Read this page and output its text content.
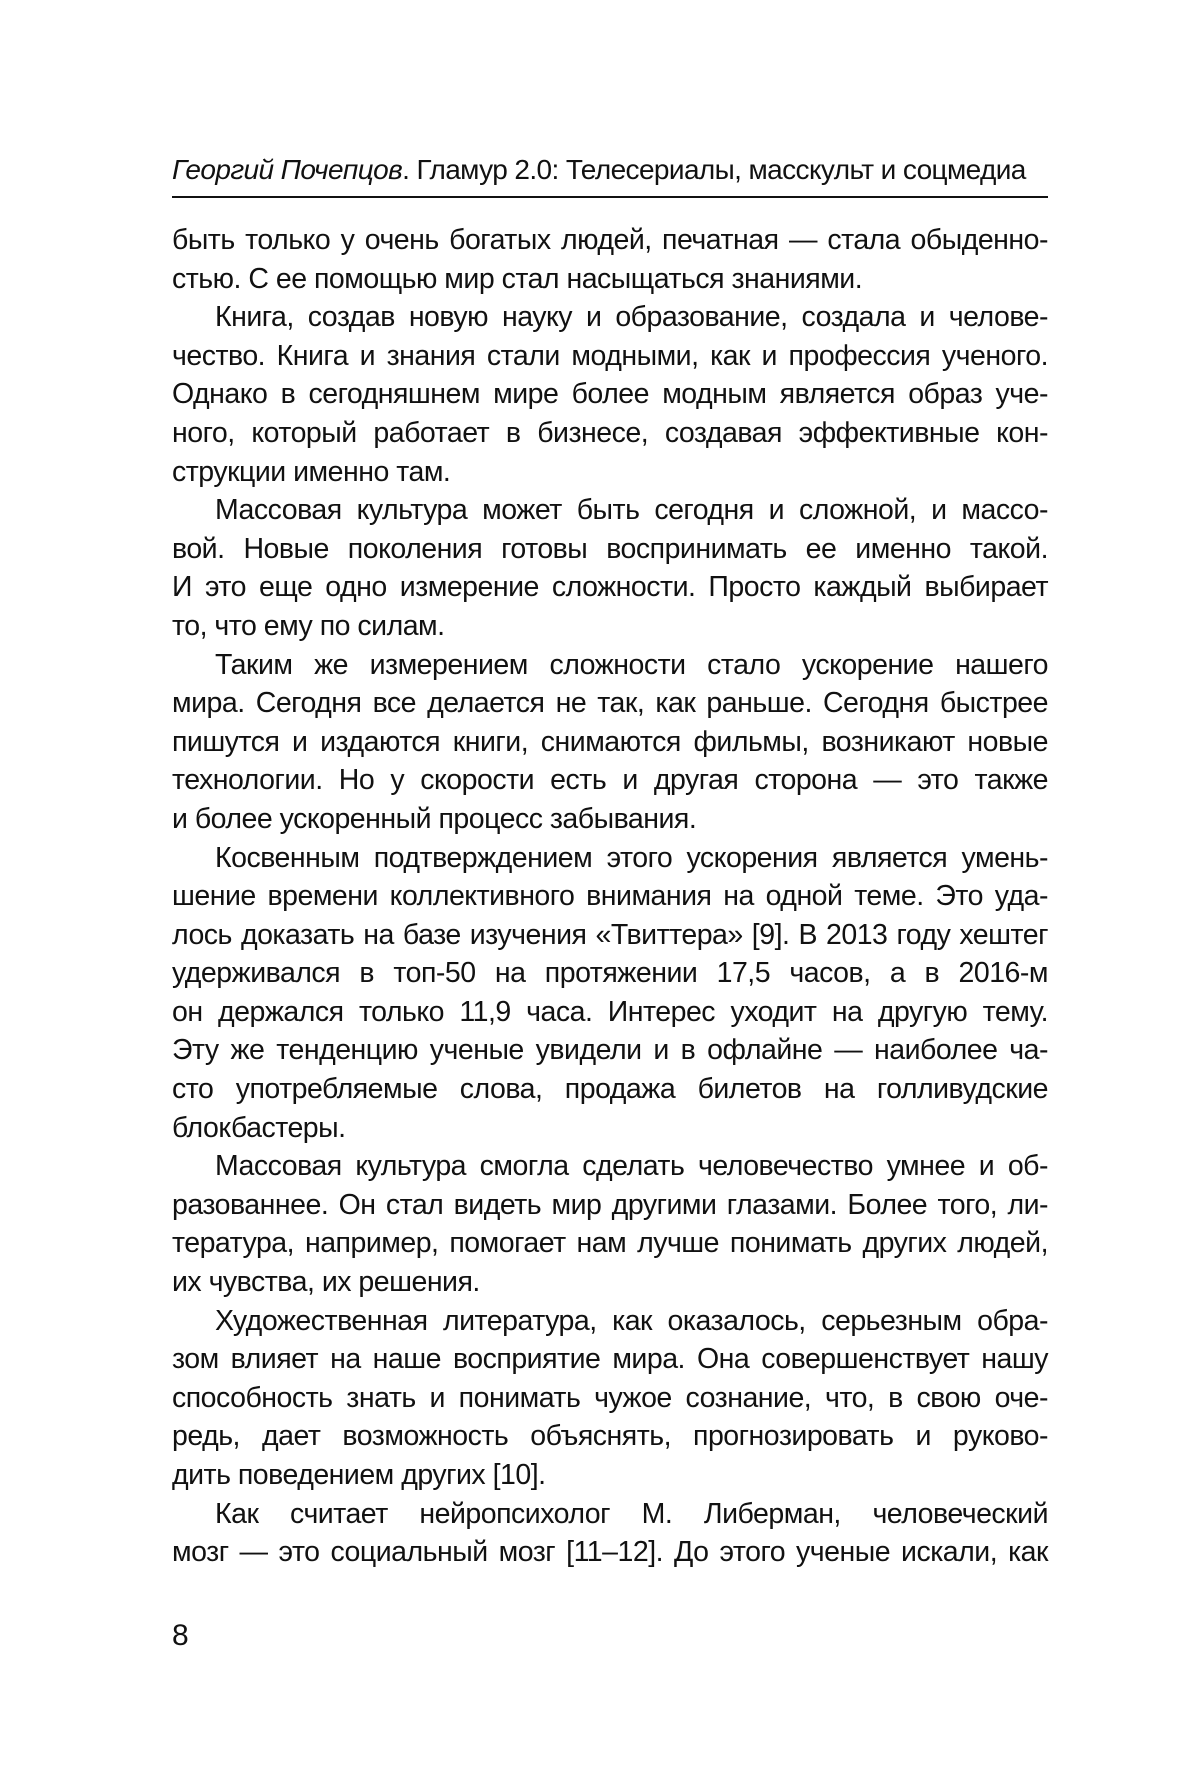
Георгий Почепцов. Гламур 2.0: Телесериалы, масскульт и соцмедиа
быть только у очень богатых людей, печатная — стала обыденно-
стью. С ее помощью мир стал насыщаться знаниями.
Книга, создав новую науку и образование, создала и челове-
чество. Книга и знания стали модными, как и профессия ученого.
Однако в сегодняшнем мире более модным является образ уче-
ного, который работает в бизнесе, создавая эффективные кон-
струкции именно там.
Массовая культура может быть сегодня и сложной, и массо-
вой. Новые поколения готовы воспринимать ее именно такой.
И это еще одно измерение сложности. Просто каждый выбирает
то, что ему по силам.
Таким же измерением сложности стало ускорение нашего
мира. Сегодня все делается не так, как раньше. Сегодня быстрее
пишутся и издаются книги, снимаются фильмы, возникают новые
технологии. Но у скорости есть и другая сторона — это также
и более ускоренный процесс забывания.
Косвенным подтверждением этого ускорения является умень-
шение времени коллективного внимания на одной теме. Это уда-
лось доказать на базе изучения «Твиттера» [9]. В 2013 году хештег
удерживался в топ-50 на протяжении 17,5 часов, а в 2016-м
он держался только 11,9 часа. Интерес уходит на другую тему.
Эту же тенденцию ученые увидели и в офлайне — наиболее ча-
сто употребляемые слова, продажа билетов на голливудские
блокбастеры.
Массовая культура смогла сделать человечество умнее и об-
разованнее. Он стал видеть мир другими глазами. Более того, ли-
тература, например, помогает нам лучше понимать других людей,
их чувства, их решения.
Художественная литература, как оказалось, серьезным обра-
зом влияет на наше восприятие мира. Она совершенствует нашу
способность знать и понимать чужое сознание, что, в свою оче-
редь, дает возможность объяснять, прогнозировать и руково-
дить поведением других [10].
Как считает нейропсихолог М. Либерман, человеческий
мозг — это социальный мозг [11–12]. До этого ученые искали, как
8
